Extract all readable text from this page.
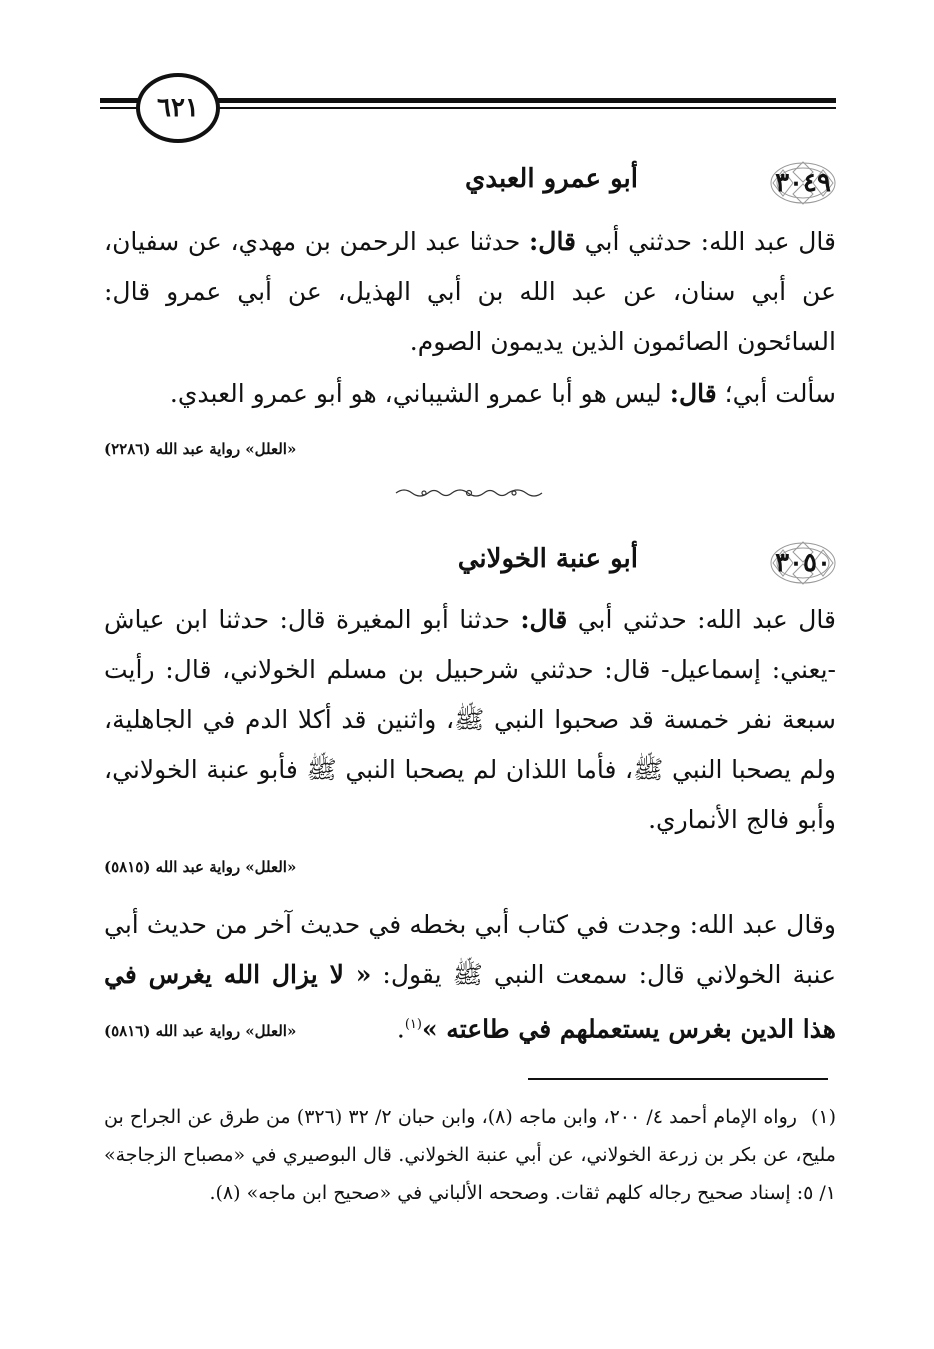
٦٢١
٣٠٤٩
أبو عمرو العبدي
قال عبد الله: حدثني أبي قال: حدثنا عبد الرحمن بن مهدي، عن سفيان، عن أبي سنان، عن عبد الله بن أبي الهذيل، عن أبي عمرو قال: السائحون الصائمون الذين يديمون الصوم.
سألت أبي؛ قال: ليس هو أبا عمرو الشيباني، هو أبو عمرو العبدي.
«العلل» رواية عبد الله (٢٢٨٦)
٣٠٥٠
أبو عنبة الخولاني
قال عبد الله: حدثني أبي قال: حدثنا أبو المغيرة قال: حدثنا ابن عياش -يعني: إسماعيل- قال: حدثني شرحبيل بن مسلم الخولاني، قال: رأيت سبعة نفر خمسة قد صحبوا النبي ﷺ، واثنين قد أكلا الدم في الجاهلية، ولم يصحبا النبي ﷺ، فأما اللذان لم يصحبا النبي ﷺ فأبو عنبة الخولاني، وأبو فالج الأنماري.
«العلل» رواية عبد الله (٥٨١٥)
وقال عبد الله: وجدت في كتاب أبي بخطه في حديث آخر من حديث أبي عنبة الخولاني قال: سمعت النبي ﷺ يقول: « لا يزال الله يغرس في هذا الدين بغرس يستعملهم في طاعته »$^{(١)}$.
«العلل» رواية عبد الله (٥٨١٦)
(١)رواه الإمام أحمد ٤/ ٢٠٠، وابن ماجه (٨)، وابن حبان ٢/ ٣٢ (٣٢٦) من طرق عن الجراح بن مليح، عن بكر بن زرعة الخولاني، عن أبي عنبة الخولاني. قال البوصيري في «مصباح الزجاجة» ١/ ٥: إسناد صحيح رجاله كلهم ثقات. وصححه الألباني في «صحيح ابن ماجه» (٨).
